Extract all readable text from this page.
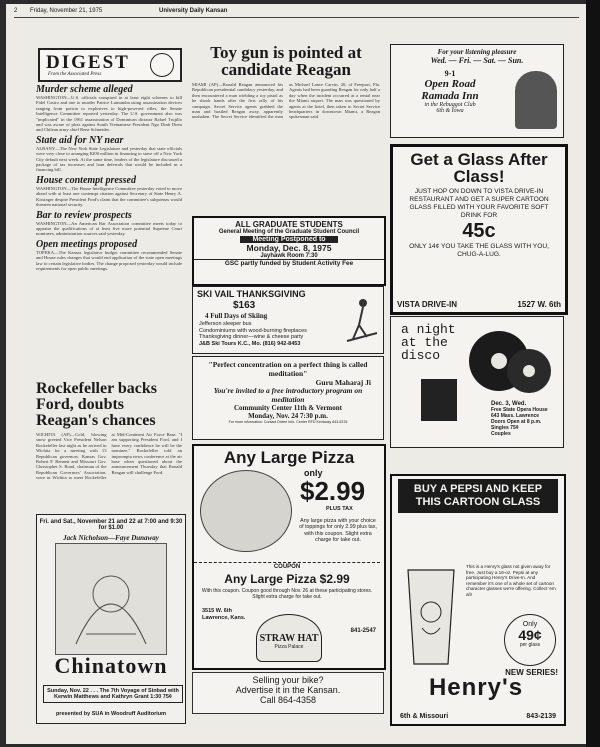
2 Friday, November 21, 1975	University Daily Kansan
DIGEST
From the Associated Press

Murder scheme alleged

WASHINGTON—U.S. officials conspired in at least eight schemes to kill Fidel Castro and one to murder Patrice Lumumba using assassination devices ranging from poison to explosives to high-powered rifles, the Senate Intelligence Committee reported yesterday. The U.S. government also was "implicated" in the 1961 assassination of Dominican dictator Rafael Trujillo and was aware of plots against South Vietnamese President Ngo Dinh Diem and Chilean army chief Rene Schneider.

State aid for NY near

ALBANY—The New York State Legislature and yesterday that state officials were very close to arranging $200 million in financing to stave off a New York City default next week. At the same time, leaders of the legislature discussed a package of tax increases and loan deferrals that would be included in a financing bill.

House contempt pressed

WASHINGTON—The House Intelligence Committee yesterday voted to move ahead with at least one contempt citation against Secretary of State Henry A. Kissinger despite President Ford's claim that the committee's subpoenas would threaten national security.

Bar to review prospects

WASHINGTON—An American Bar Association committee meets today to appraise the qualifications of at least five more potential Supreme Court nominees, administration sources said yesterday.

Open meetings proposed

TOPEKA—The Kansas legislative budget committee recommended Senate and House rules changes that would end application of the state open meetings law to certain legislative bodies. The change proposed yesterday would include requirements for open public meetings.

Rockefeller backs Ford, doubts Reagan's chances

WICHITA (AP)—Cold, blowing snow greeted Vice President Nelson Rockefeller last night as he arrived in Wichita for a meeting with 13 Republican governors. Kansas Gov. Robert F. Bennett and Missouri Gov. Christopher S. Bond, chairman of the Republican Governors' Association, were in Wichita to meet Rockefeller at Mid-Continent Air Force Base. "I am supporting President Ford, and I have every confidence he will be the nominee," Rockefeller told an impromptu news conference at the air base when questioned about the announcement Thursday that Ronald Reagan will challenge Ford.

Fri. and Sat., November 21 and 22 at 7:00 and 9:30 for $1.00
Jack Nicholson—Faye Dunaway
Chinatown
Sunday, Nov. 22 . . . The 7th Voyage of Sinbad with Kerwin Matthews and Kathryn Grant 1:30 75¢
presented by SUA in Woodruff Auditorium

Toy gun is pointed at candidate Reagan

MIAMI (AP)—Ronald Reagan announced his Republican presidential candidacy yesterday, and then encountered a man wielding a toy pistol as he shook hands after the first rally of his campaign. Secret Service agents grabbed the man and hustled Reagan away, apparently unshaken. The Secret Service identified the man as Michael Lance Carvin, 20, of Freeport, Fla. Agents had been guarding Reagan for only half a day when the incident occurred at a rental near the Miami airport. The man was questioned by agents at the hotel, then taken to Secret Service headquarters in downtown Miami, a Reagan spokesman said.

For your listening pleasure
Wed. — Fri. — Sat. — Sun.
9-1
Open Road
Ramada Inn
in the Rebuggot Club
6th & Iowa
Get a Glass After Class!
JUST HOP ON DOWN TO VISTA DRIVE-IN RESTAURANT AND GET A SUPER CARTOON GLASS FILLED WITH YOUR FAVORITE SOFT DRINK FOR
45c
ONLY 14¢ YOU TAKE THE GLASS WITH YOU, CHUG-A-LUG.
VISTA DRIVE-IN	1527 W. 6th
ALL GRADUATE STUDENTS
General Meeting of the Graduate Student Council
Meeting Postponed to
Monday, Dec. 8, 1975
Jayhawk Room 7:30
GSC partly funded by Student Activity Fee
SKI VAIL THANKSGIVING
$163
4 Full Days of Skiing
Jefferson sleeper bus
Condominiums with wood-burning fireplaces
Thanksgiving dinner—wine & cheese party
J&B Ski Tours K.C., Mo. (816) 942-8453
"Perfect concentration on a perfect thing is called meditation"
Guru Maharaj Ji
You're invited to a free introductory program on meditation
Community Center 11th & Vermont
Monday, Nov. 24 7:30 p.m.
For more information: Contact Divine Info. Center RFD Kentucky 843-5376
a night at the disco
Dec. 3, Wed.
Free State Opera House
643 Mass. Lawrence
Doors Open at 8 p.m.
Singles 75¢
Couples
Any Large Pizza
only
$2.99
PLUS TAX
Any large pizza with your choice of toppings for only 2.99 plus tax, with this coupon. Slight extra charge for take out.
COUPON
Any Large Pizza $2.99
With this coupon. Coupon good through Nov. 26 at these participating stores. Slight extra charge for take out.
3515 W. 6th Lawrence, Kans.
841-2547
STRAW HAT
Pizza Palace
Selling your bike?
Advertise it in the Kansan.
Call 864-4358
BUY A PEPSI AND KEEP THIS CARTOON GLASS
This is a Henry's glass not given away for free. Just buy a 16-oz. Pepsi at any participating Henry's Drive-In. And remember it's one of a whole set of cartoon character glasses we're offering. Collect 'em all!
Only
49¢
per glass
NEW SERIES!
Henry's
6th & Missouri	843-2139
